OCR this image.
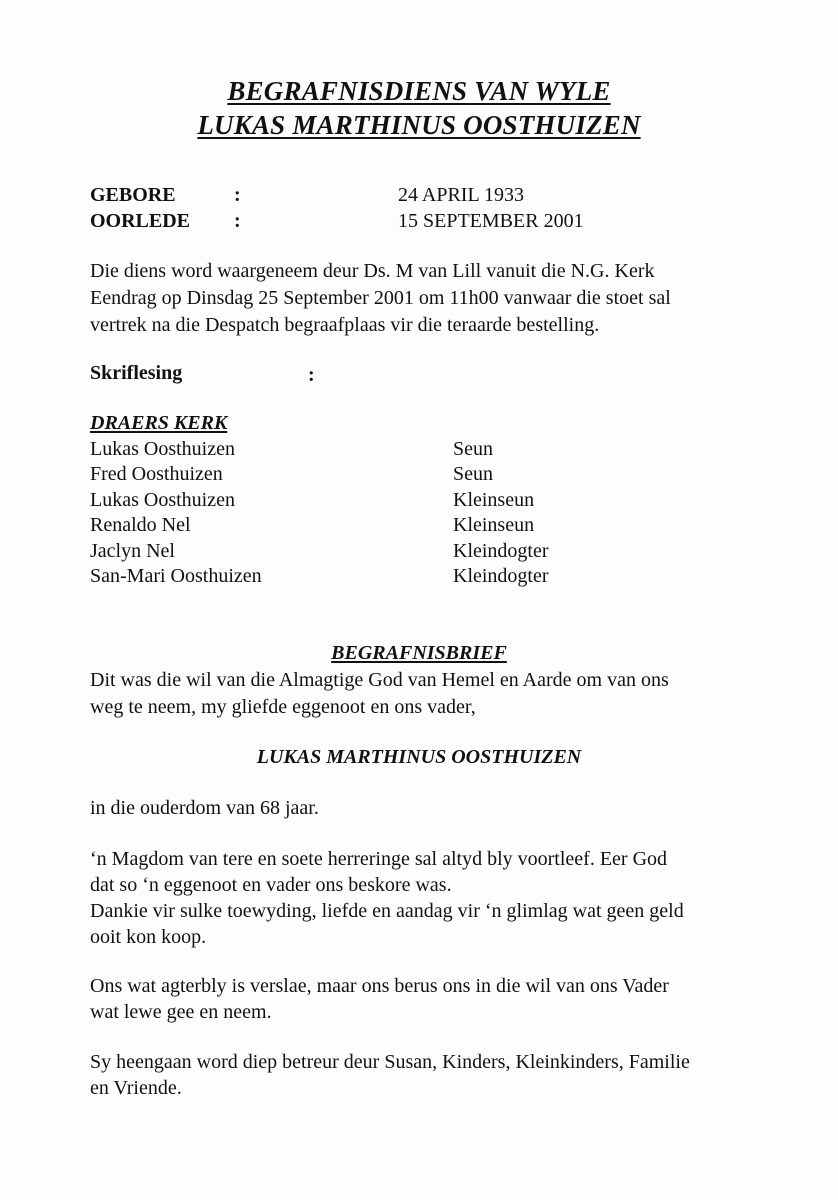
BEGRAFNISDIENS VAN WYLE
LUKAS MARTHINUS OOSTHUIZEN
GEBORE	:	24 APRIL 1933
OORLEDE :	15 SEPTEMBER 2001
Die diens word waargeneem deur Ds. M van Lill vanuit die N.G. Kerk
Eendrag op Dinsdag 25 September 2001 om 11h00 vanwaar die stoet sal
vertrek na die Despatch begraafplaas vir die teraarde bestelling.
Skriflesing	:
DRAERS KERK
Lukas Oosthuizen	Seun
Fred Oosthuizen	Seun
Lukas Oosthuizen	Kleinseun
Renaldo Nel	Kleinseun
Jaclyn Nel	Kleindogter
San-Mari Oosthuizen	Kleindogter
BEGRAFNISBRIEF
Dit was die wil van die Almagtige God van Hemel en Aarde om van ons
weg te neem, my gliefde eggenoot en ons vader,
LUKAS MARTHINUS OOSTHUIZEN
in die ouderdom van 68 jaar.
‘n Magdom van tere en soete herreringe sal altyd bly voortleef. Eer God
dat so ‘n eggenoot en vader ons beskore was.
Dankie vir sulke toewyding, liefde en aandag vir ‘n glimlag wat geen geld
ooit kon koop.
Ons wat agterbly is verslae, maar ons berus ons in die wil van ons Vader
wat lewe gee en neem.
Sy heengaan word diep betreur deur Susan, Kinders, Kleinkinders, Familie
en Vriende.
